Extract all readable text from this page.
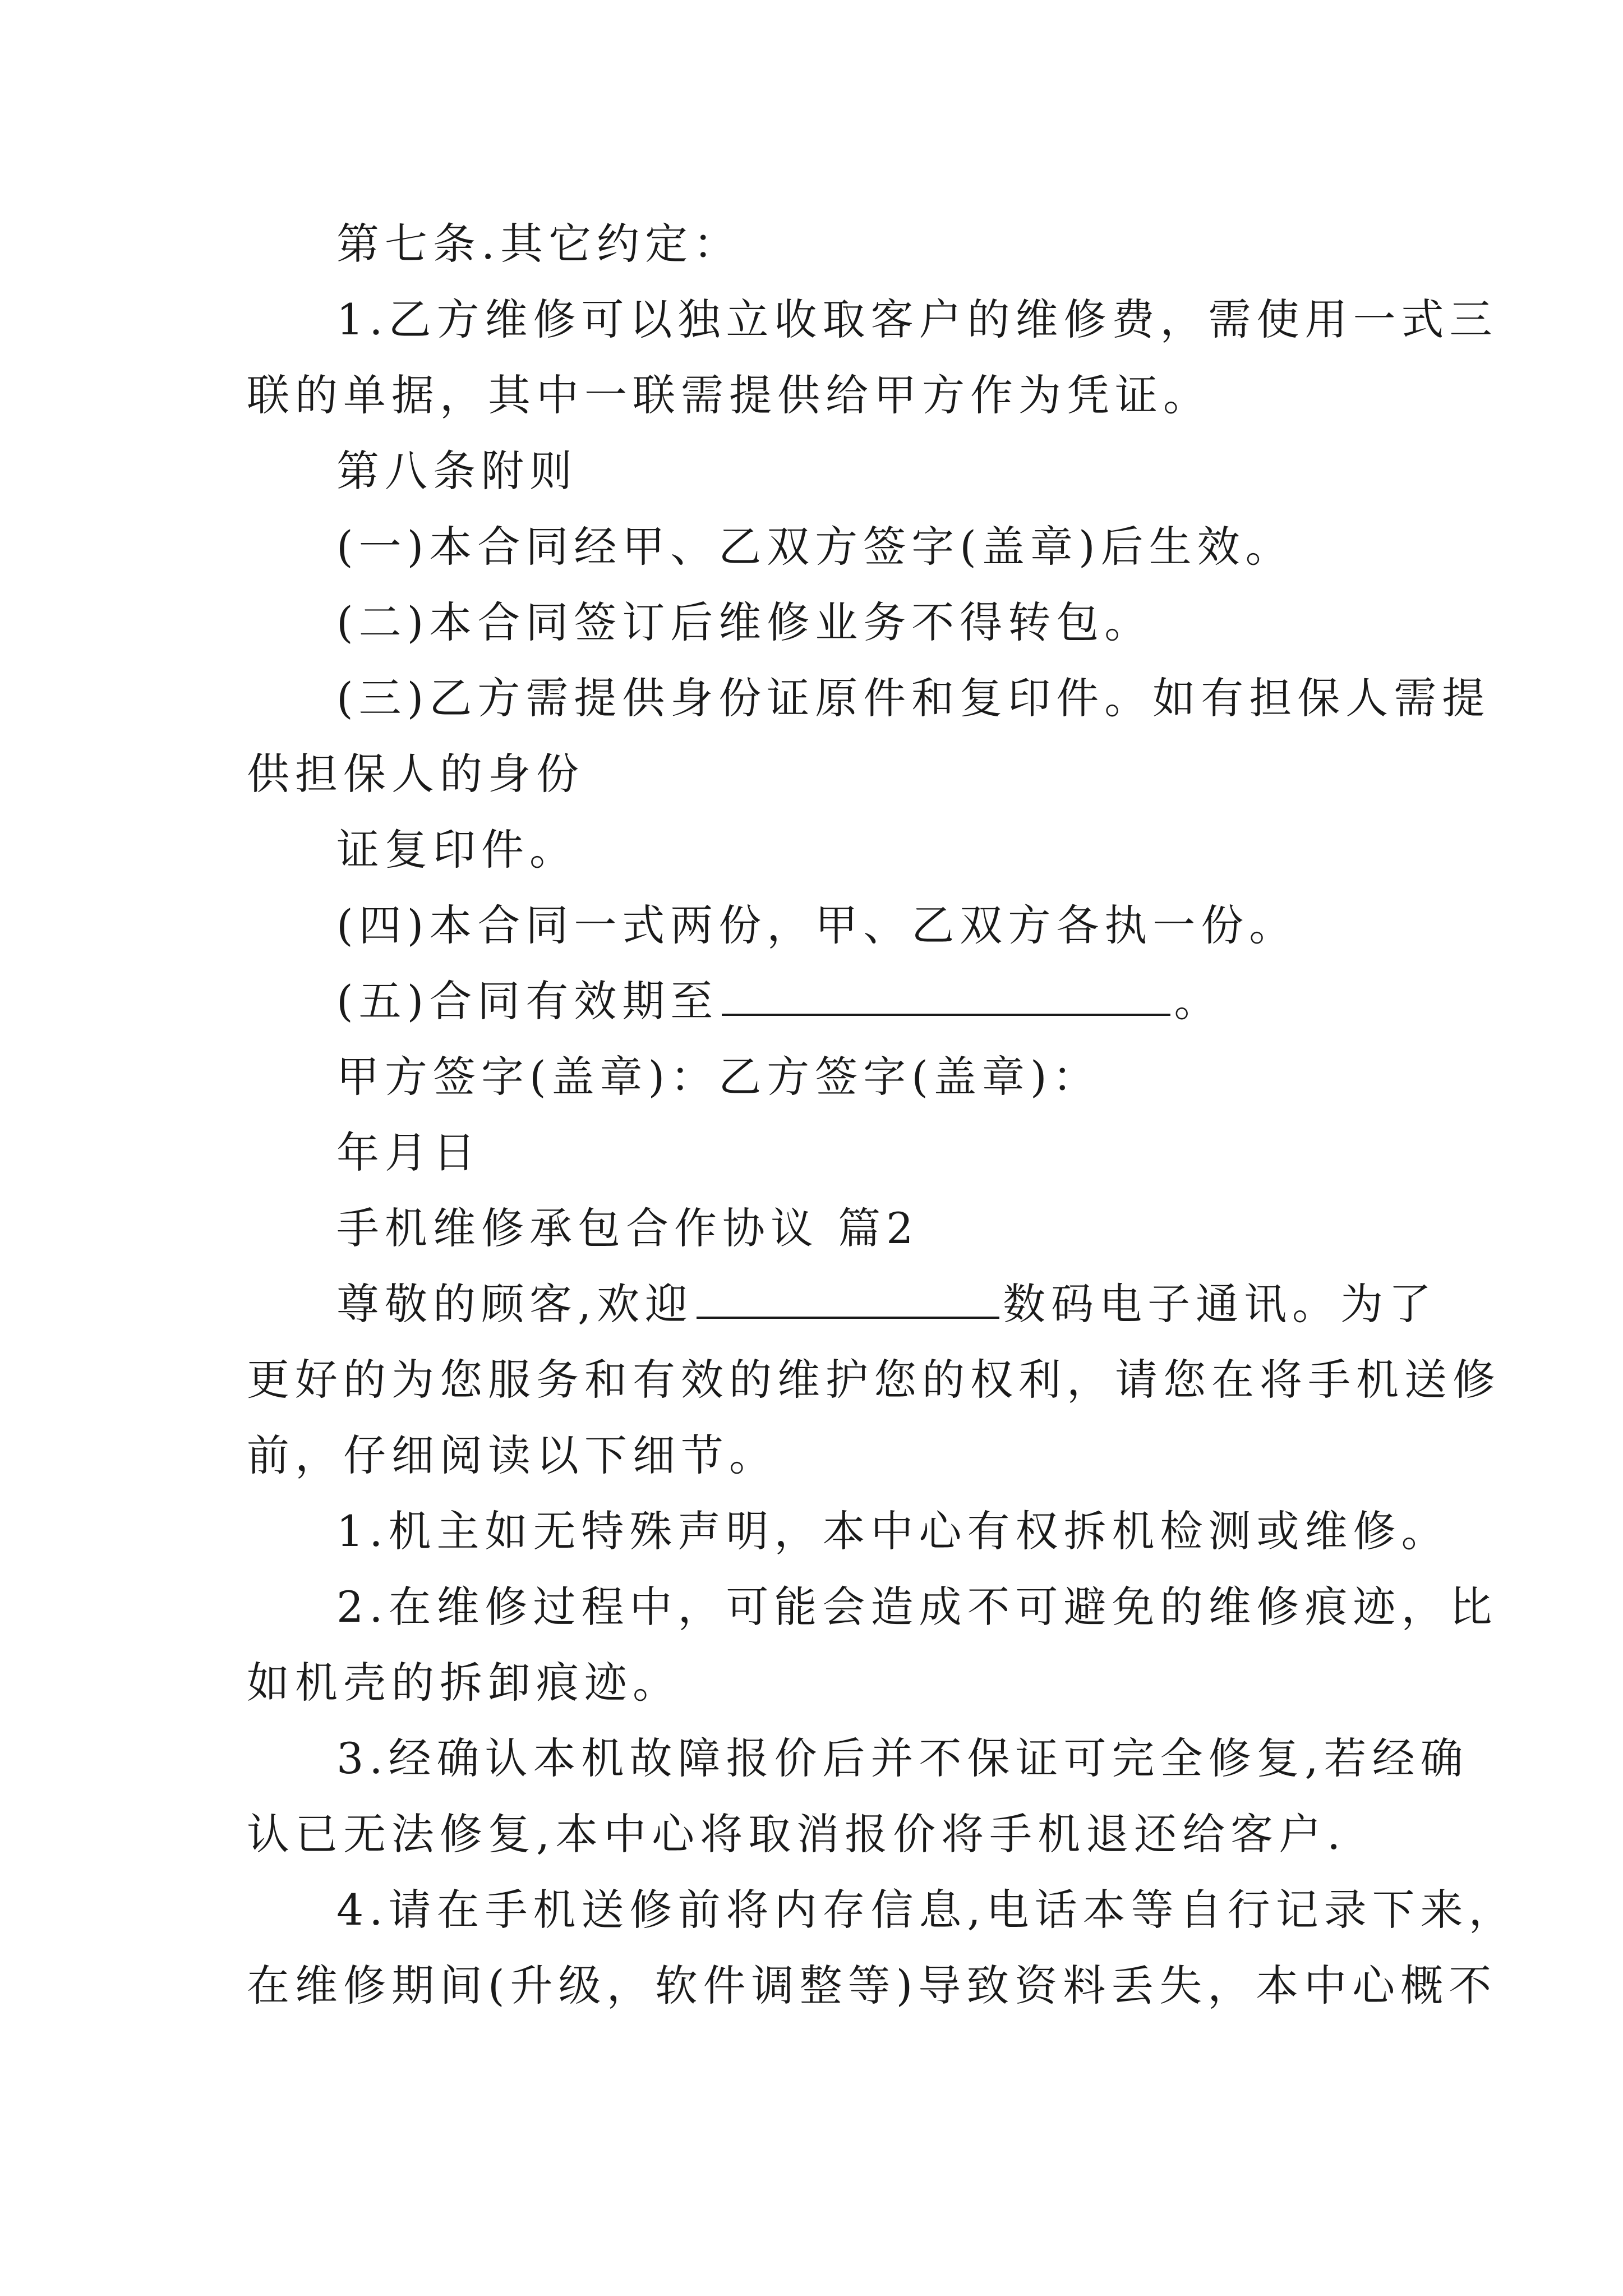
第七条.其它约定：
1.乙方维修可以独立收取客户的维修费，需使用一式三
联的单据，其中一联需提供给甲方作为凭证。
第八条附则
(一)本合同经甲、乙双方签字(盖章)后生效。
(二)本合同签订后维修业务不得转包。
(三)乙方需提供身份证原件和复印件。如有担保人需提
供担保人的身份
证复印件。
(四)本合同一式两份，甲、乙双方各执一份。
(五)合同有效期至	。
甲方签字(盖章)：乙方签字(盖章)：
年月日
手机维修承包合作协议 篇2
尊敬的顾客,欢迎	数码电子通讯。为了
更好的为您服务和有效的维护您的权利，请您在将手机送修
前，仔细阅读以下细节。
1.机主如无特殊声明，本中心有权拆机检测或维修。
2.在维修过程中，可能会造成不可避免的维修痕迹，比
如机壳的拆卸痕迹。
3.经确认本机故障报价后并不保证可完全修复,若经确
认已无法修复,本中心将取消报价将手机退还给客户.
4.请在手机送修前将内存信息,电话本等自行记录下来，
在维修期间(升级，软件调整等)导致资料丢失，本中心概不
